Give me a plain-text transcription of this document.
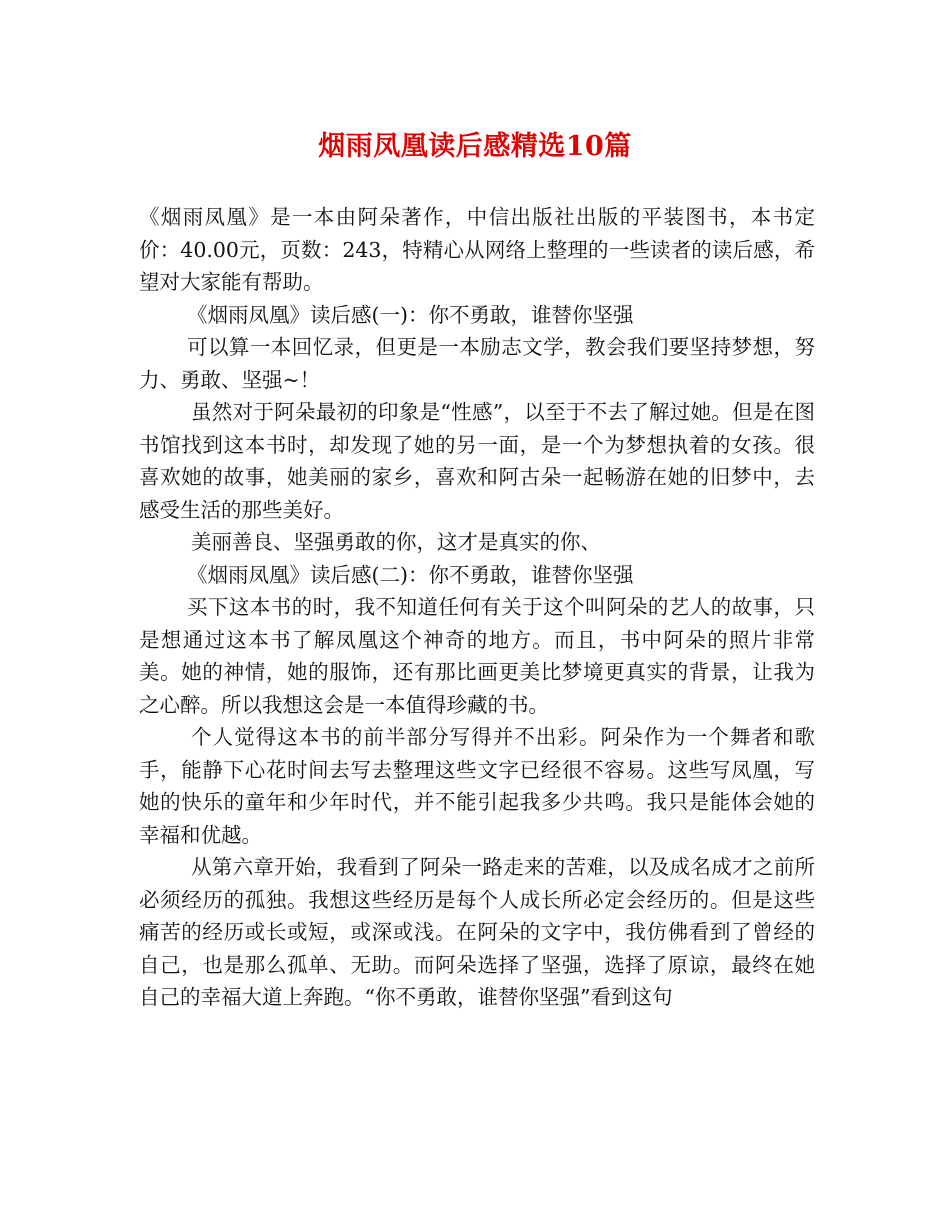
烟雨凤凰读后感精选10篇

《烟雨凤凰》是一本由阿朵著作，中信出版社出版的平装图书，本书定价：40.00元，页数：243，特精心从网络上整理的一些读者的读后感，希望对大家能有帮助。

《烟雨凤凰》读后感(一)：你不勇敢，谁替你坚强

可以算一本回忆录，但更是一本励志文学，教会我们要坚持梦想，努力、勇敢、坚强~！

虽然对于阿朵最初的印象是“性感”，以至于不去了解过她。但是在图书馆找到这本书时，却发现了她的另一面，是一个为梦想执着的女孩。很喜欢她的故事，她美丽的家乡，喜欢和阿古朵一起畅游在她的旧梦中，去感受生活的那些美好。

美丽善良、坚强勇敢的你，这才是真实的你、

《烟雨凤凰》读后感(二)：你不勇敢，谁替你坚强

买下这本书的时，我不知道任何有关于这个叫阿朵的艺人的故事，只是想通过这本书了解凤凰这个神奇的地方。而且，书中阿朵的照片非常美。她的神情，她的服饰，还有那比画更美比梦境更真实的背景，让我为之心醉。所以我想这会是一本值得珍藏的书。

个人觉得这本书的前半部分写得并不出彩。阿朵作为一个舞者和歌手，能静下心花时间去写去整理这些文字已经很不容易。这些写凤凰，写她的快乐的童年和少年时代，并不能引起我多少共鸣。我只是能体会她的幸福和优越。

从第六章开始，我看到了阿朵一路走来的苦难，以及成名成才之前所必须经历的孤独。我想这些经历是每个人成长所必定会经历的。但是这些痛苦的经历或长或短，或深或浅。在阿朵的文字中，我仿佛看到了曾经的自己，也是那么孤单、无助。而阿朵选择了坚强，选择了原谅，最终在她自己的幸福大道上奔跑。“你不勇敢，谁替你坚强”看到这句
